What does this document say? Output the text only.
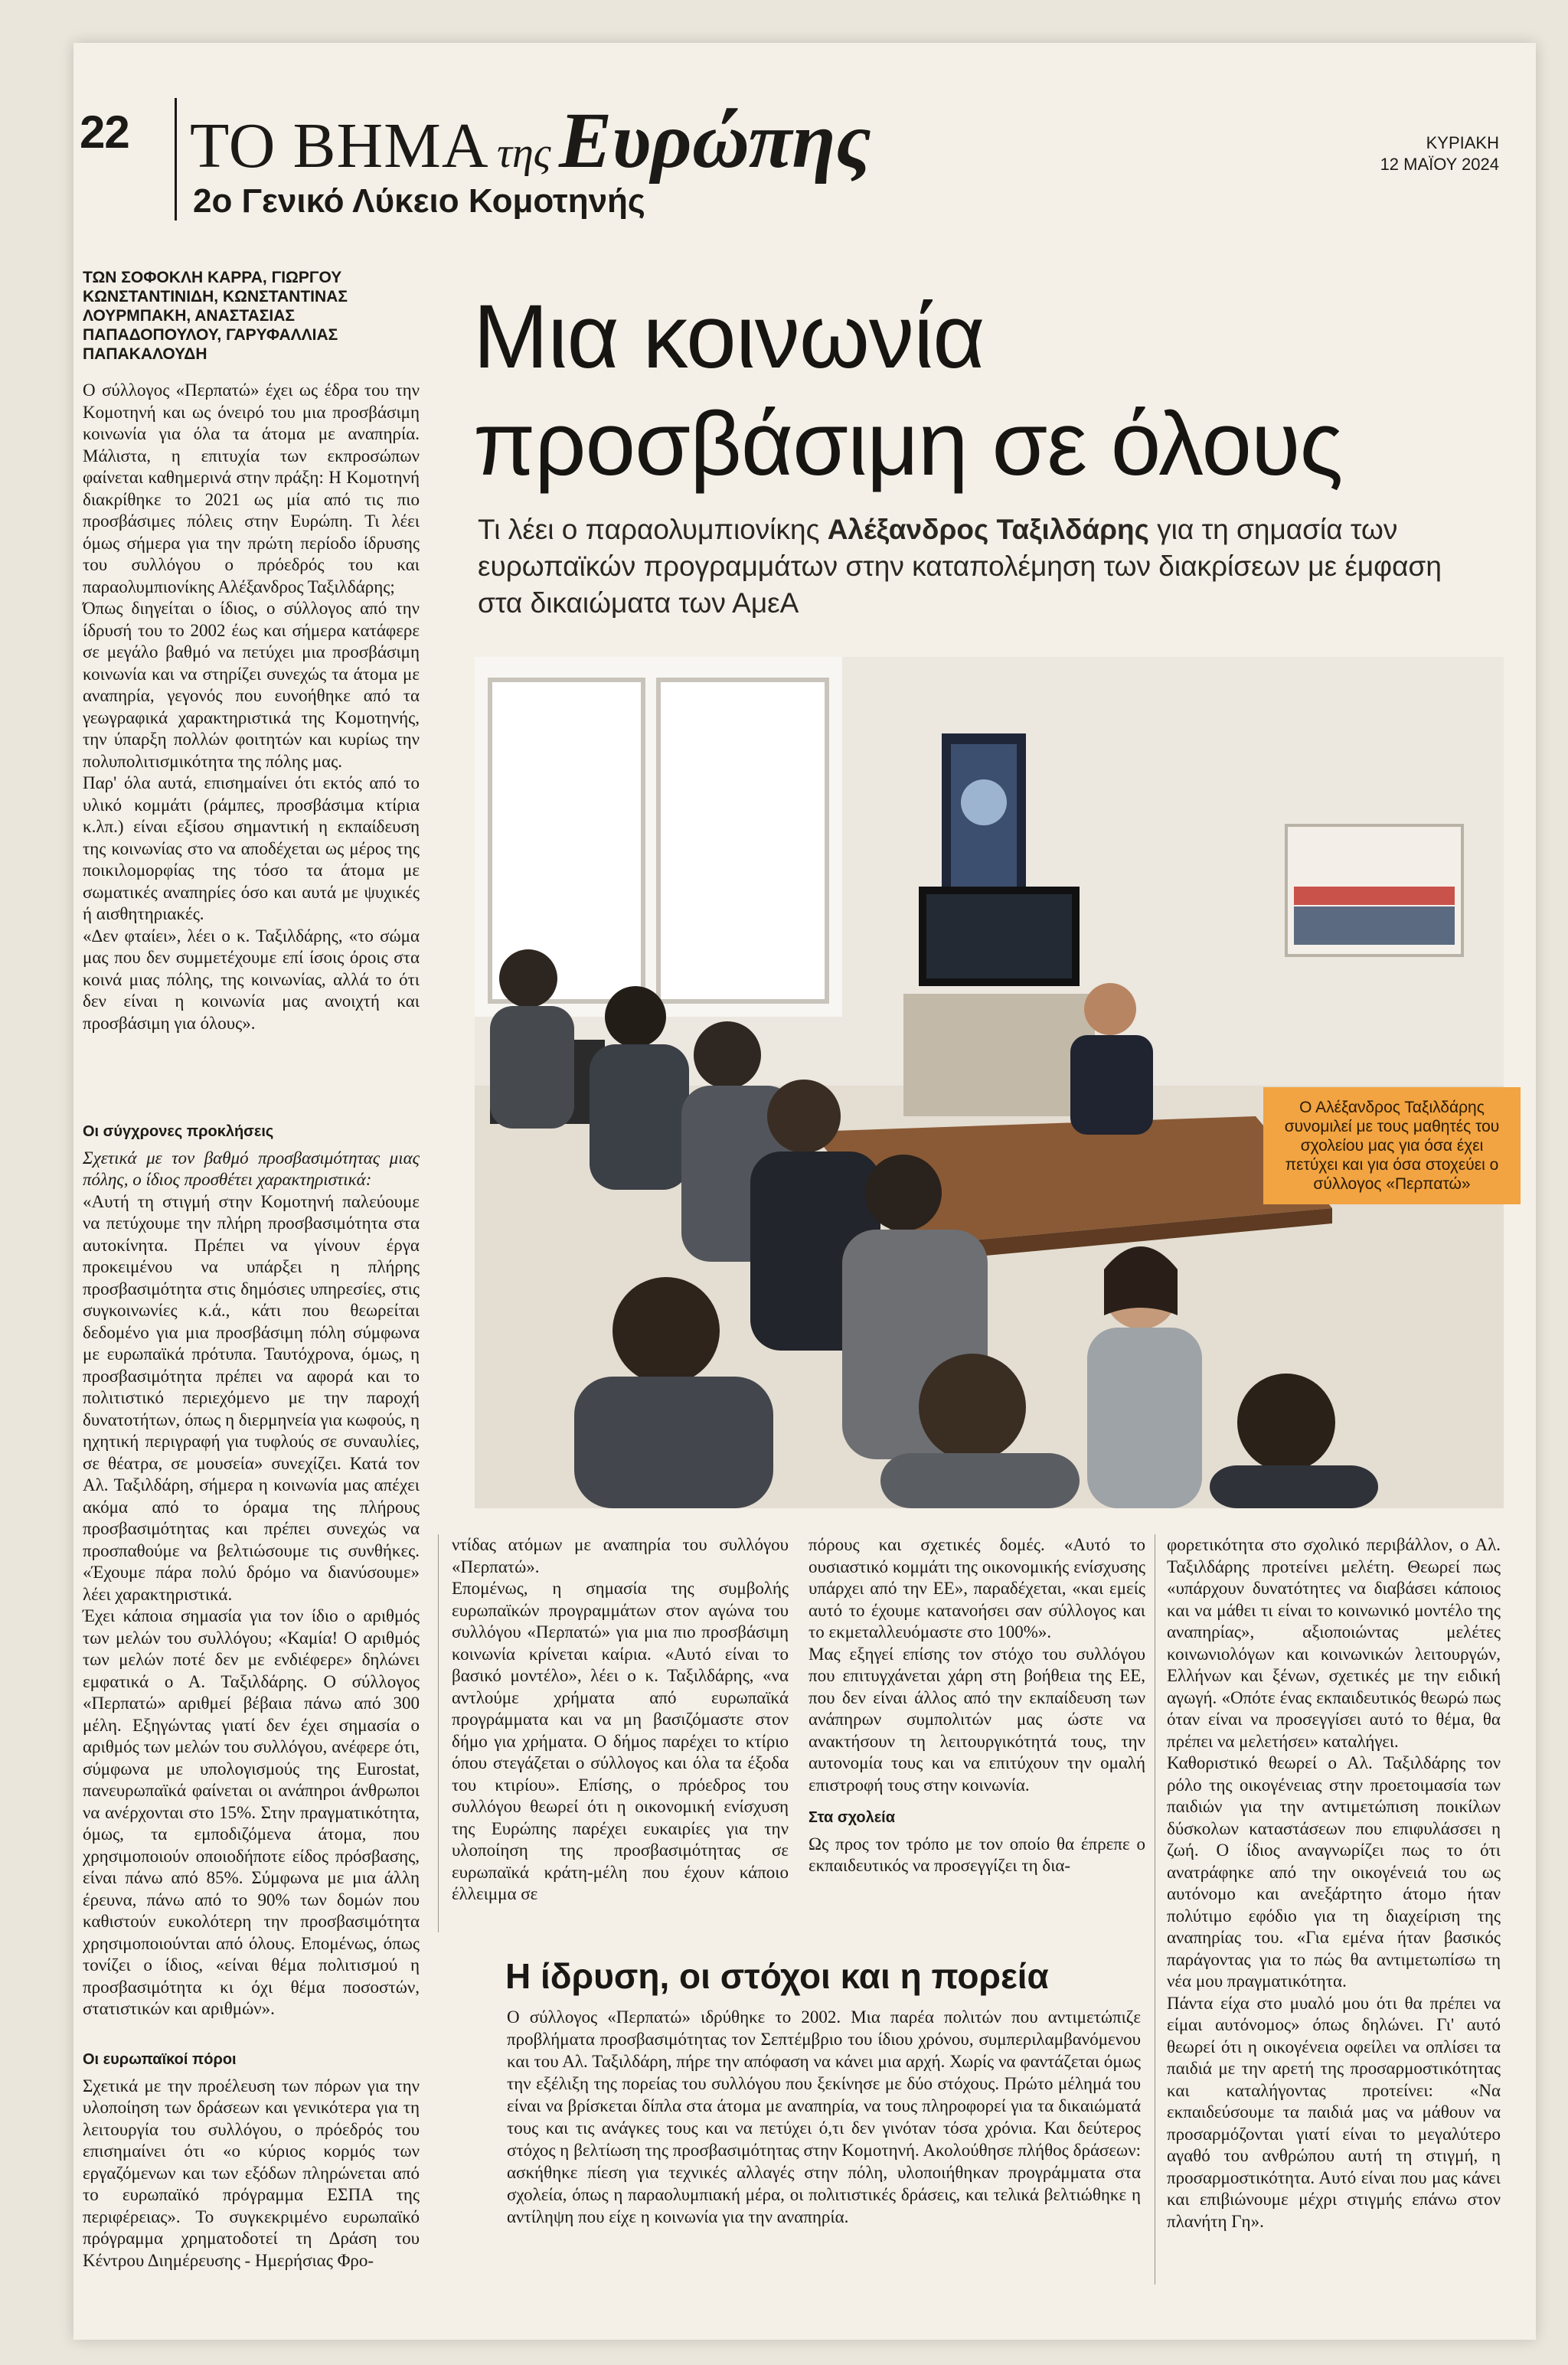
22 ΤΟ ΒΗΜΑ της Ευρώπης
2ο Γενικό Λύκειο Κομοτηνής
ΚΥΡΙΑΚΗ
12 ΜΑΪΟΥ 2024
ΤΩΝ ΣΟΦΟΚΛΗ ΚΑΡΡΑ, ΓΙΩΡΓΟΥ ΚΩΝΣΤΑΝΤΙΝΙΔΗ, ΚΩΝΣΤΑΝΤΙΝΑΣ ΛΟΥΡΜΠΑΚΗ, ΑΝΑΣΤΑΣΙΑΣ ΠΑΠΑΔΟΠΟΥΛΟΥ, ΓΑΡΥΦΑΛΛΙΑΣ ΠΑΠΑΚΑΛΟΥΔΗ	Μια κοινωνία
προσβάσιμη σε όλους
Τι λέει ο παραολυμπιονίκης Αλέξανδρος Ταξιλδάρης για τη σημασία των ευρωπαϊκών προγραμμάτων στην καταπολέμηση των διακρίσεων με έμφαση στα δικαιώματα των ΑμεΑ
Ο Αλέξανδρος Ταξιλδάρης συνομιλεί με τους μαθητές του σχολείου μας για όσα έχει πετύχει και για όσα στοχεύει ο σύλλογος «Περπατώ»

Ο σύλλογος «Περπατώ» έχει ως έδρα του την Κομοτηνή και ως όνειρό του μια προσβάσιμη κοινωνία για όλα τα άτομα με αναπηρία. Μάλιστα, η επιτυχία των εκπροσώπων φαίνεται καθημερινά στην πράξη: Η Κομοτηνή διακρίθηκε το 2021 ως μία από τις πιο προσβάσιμες πόλεις στην Ευρώπη. Τι λέει όμως σήμερα για την πρώτη περίοδο ίδρυσης του συλλόγου ο πρόεδρός του και παραολυμπιονίκης Αλέξανδρος Ταξιλδάρης;

Όπως διηγείται ο ίδιος, ο σύλλογος από την ίδρυσή του το 2002 έως και σήμερα κατάφερε σε μεγάλο βαθμό να πετύχει μια προσβάσιμη κοινωνία και να στηρίζει συνεχώς τα άτομα με αναπηρία, γεγονός που ευνοήθηκε από τα γεωγραφικά χαρακτηριστικά της Κομοτηνής, την ύπαρξη πολλών φοιτητών και κυρίως την πολυπολιτισμικότητα της πόλης μας.

Παρ' όλα αυτά, επισημαίνει ότι εκτός από το υλικό κομμάτι (ράμπες, προσβάσιμα κτίρια κ.λπ.) είναι εξίσου σημαντική η εκπαίδευση της κοινωνίας στο να αποδέχεται ως μέρος της ποικιλομορφίας της τόσο τα άτομα με σωματικές αναπηρίες όσο και αυτά με ψυχικές ή αισθητηριακές.

«Δεν φταίει», λέει ο κ. Ταξιλδάρης, «το σώμα μας που δεν συμμετέχουμε επί ίσοις όροις στα κοινά μιας πόλης, της κοινωνίας, αλλά το ότι δεν είναι η κοινωνία μας ανοιχτή και προσβάσιμη για όλους».

Οι σύγχρονες προκλήσεις

Σχετικά με τον βαθμό προσβασιμότητας μιας πόλης, ο ίδιος προσθέτει χαρακτηριστικά:

«Αυτή τη στιγμή στην Κομοτηνή παλεύουμε να πετύχουμε την πλήρη προσβασιμότητα στα αυτοκίνητα. Πρέπει να γίνουν έργα προκειμένου να υπάρξει η πλήρης προσβασιμότητα στις δημόσιες υπηρεσίες, στις συγκοινωνίες κ.ά., κάτι που θεωρείται δεδομένο για μια προσβάσιμη πόλη σύμφωνα με ευρωπαϊκά πρότυπα. Ταυτόχρονα, όμως, η προσβασιμότητα πρέπει να αφορά και το πολιτιστικό περιεχόμενο με την παροχή δυνατοτήτων, όπως η διερμηνεία για κωφούς, η ηχητική περιγραφή για τυφλούς σε συναυλίες, σε θέατρα, σε μουσεία» συνεχίζει. Κατά τον Αλ. Ταξιλδάρη, σήμερα η κοινωνία μας απέχει ακόμα από το όραμα της πλήρους προσβασιμότητας και πρέπει συνεχώς να προσπαθούμε να βελτιώσουμε τις συνθήκες. «Έχουμε πάρα πολύ δρόμο να διανύσουμε» λέει χαρακτηριστικά.

Έχει κάποια σημασία για τον ίδιο ο αριθμός των μελών του συλλόγου; «Καμία! Ο αριθμός των μελών ποτέ δεν με ενδιέφερε» δηλώνει εμφατικά ο Α. Ταξιλδάρης. Ο σύλλογος «Περπατώ» αριθμεί βέβαια πάνω από 300 μέλη. Εξηγώντας γιατί δεν έχει σημασία ο αριθμός των μελών του συλλόγου, ανέφερε ότι, σύμφωνα με υπολογισμούς της Eurostat, πανευρωπαϊκά φαίνεται οι ανάπηροι άνθρωποι να ανέρχονται στο 15%. Στην πραγματικότητα, όμως, τα εμποδιζόμενα άτομα, που χρησιμοποιούν οποιοδήποτε είδος πρόσβασης, είναι πάνω από 85%. Σύμφωνα με μια άλλη έρευνα, πάνω από το 90% των δομών που καθιστούν ευκολότερη την προσβασιμότητα χρησιμοποιούνται από όλους. Επομένως, όπως τονίζει ο ίδιος, «είναι θέμα πολιτισμού η προσβασιμότητα κι όχι θέμα ποσοστών, στατιστικών και αριθμών».

Οι ευρωπαϊκοί πόροι

Σχετικά με την προέλευση των πόρων για την υλοποίηση των δράσεων και γενικότερα για τη λειτουργία του συλλόγου, ο πρόεδρός του επισημαίνει ότι «ο κύριος κορμός των εργαζόμενων και των εξόδων πληρώνεται από το ευρωπαϊκό πρόγραμμα ΕΣΠΑ της περιφέρειας». Το συγκεκριμένο ευρωπαϊκό πρόγραμμα χρηματοδοτεί τη Δράση του Κέντρου Διημέρευσης - Ημερήσιας Φρο-

ντίδας ατόμων με αναπηρία του συλλόγου «Περπατώ».

Επομένως, η σημασία της συμβολής ευρωπαϊκών προγραμμάτων στον αγώνα του συλλόγου «Περπατώ» για μια πιο προσβάσιμη κοινωνία κρίνεται καίρια. «Αυτό είναι το βασικό μοντέλο», λέει ο κ. Ταξιλδάρης, «να αντλούμε χρήματα από ευρωπαϊκά προγράμματα και να μη βασιζόμαστε στον δήμο για χρήματα. Ο δήμος παρέχει το κτίριο όπου στεγάζεται ο σύλλογος και όλα τα έξοδα του κτιρίου». Επίσης, ο πρόεδρος του συλλόγου θεωρεί ότι η οικονομική ενίσχυση της Ευρώπης παρέχει ευκαιρίες για την υλοποίηση της προσβασιμότητας σε ευρωπαϊκά κράτη-μέλη που έχουν κάποιο έλλειμμα σε

πόρους και σχετικές δομές. «Αυτό το ουσιαστικό κομμάτι της οικονομικής ενίσχυσης υπάρχει από την ΕΕ», παραδέχεται, «και εμείς αυτό το έχουμε κατανοήσει σαν σύλλογος και το εκμεταλλευόμαστε στο 100%».

Μας εξηγεί επίσης τον στόχο του συλλόγου που επιτυγχάνεται χάρη στη βοήθεια της ΕΕ, που δεν είναι άλλος από την εκπαίδευση των ανάπηρων συμπολιτών μας ώστε να ανακτήσουν τη λειτουργικότητά τους, την αυτονομία τους και να επιτύχουν την ομαλή επιστροφή τους στην κοινωνία.

Στα σχολεία

Ως προς τον τρόπο με τον οποίο θα έπρεπε ο εκπαιδευτικός να προσεγγίζει τη δια-

φορετικότητα στο σχολικό περιβάλλον, ο Αλ. Ταξιλδάρης προτείνει μελέτη. Θεωρεί πως «υπάρχουν δυνατότητες να διαβάσει κάποιος και να μάθει τι είναι το κοινωνικό μοντέλο της αναπηρίας», αξιοποιώντας μελέτες κοινωνιολόγων και κοινωνικών λειτουργών, Ελλήνων και ξένων, σχετικές με την ειδική αγωγή. «Οπότε ένας εκπαιδευτικός θεωρώ πως όταν είναι να προσεγγίσει αυτό το θέμα, θα πρέπει να μελετήσει» καταλήγει.

Καθοριστικό θεωρεί ο Αλ. Ταξιλδάρης τον ρόλο της οικογένειας στην προετοιμασία των παιδιών για την αντιμετώπιση ποικίλων δύσκολων καταστάσεων που επιφυλάσσει η ζωή. Ο ίδιος αναγνωρίζει πως το ότι ανατράφηκε από την οικογένειά του ως αυτόνομο και ανεξάρτητο άτομο ήταν πολύτιμο εφόδιο για τη διαχείριση της αναπηρίας του. «Για εμένα ήταν βασικός παράγοντας για το πώς θα αντιμετωπίσω τη νέα μου πραγματικότητα.

Πάντα είχα στο μυαλό μου ότι θα πρέπει να είμαι αυτόνομος» όπως δηλώνει. Γι' αυτό θεωρεί ότι η οικογένεια οφείλει να οπλίσει τα παιδιά με την αρετή της προσαρμοστικότητας και καταλήγοντας προτείνει: «Να εκπαιδεύσουμε τα παιδιά μας να μάθουν να προσαρμόζονται γιατί είναι το μεγαλύτερο αγαθό του ανθρώπου αυτή τη στιγμή, η προσαρμοστικότητα. Αυτό είναι που μας κάνει και επιβιώνουμε μέχρι στιγμής επάνω στον πλανήτη Γη».

Η ίδρυση, οι στόχοι και η πορεία
Ο σύλλογος «Περπατώ» ιδρύθηκε το 2002. Μια παρέα πολιτών που αντιμετώπιζε προβλήματα προσβασιμότητας τον Σεπτέμβριο του ίδιου χρόνου, συμπεριλαμβανόμενου και του Αλ. Ταξιλδάρη, πήρε την απόφαση να κάνει μια αρχή. Χωρίς να φαντάζεται όμως την εξέλιξη της πορείας του συλλόγου που ξεκίνησε με δύο στόχους. Πρώτο μέλημά του είναι να βρίσκεται δίπλα στα άτομα με αναπηρία, να τους πληροφορεί για τα δικαιώματά τους και τις ανάγκες τους και να πετύχει ό,τι δεν γινόταν τόσα χρόνια. Και δεύτερος στόχος η βελτίωση της προσβασιμότητας στην Κομοτηνή. Ακολούθησε πλήθος δράσεων: ασκήθηκε πίεση για τεχνικές αλλαγές στην πόλη, υλοποιήθηκαν προγράμματα στα σχολεία, όπως η παραολυμπιακή μέρα, οι πολιτιστικές δράσεις, και τελικά βελτιώθηκε η αντίληψη που είχε η κοινωνία για την αναπηρία.
